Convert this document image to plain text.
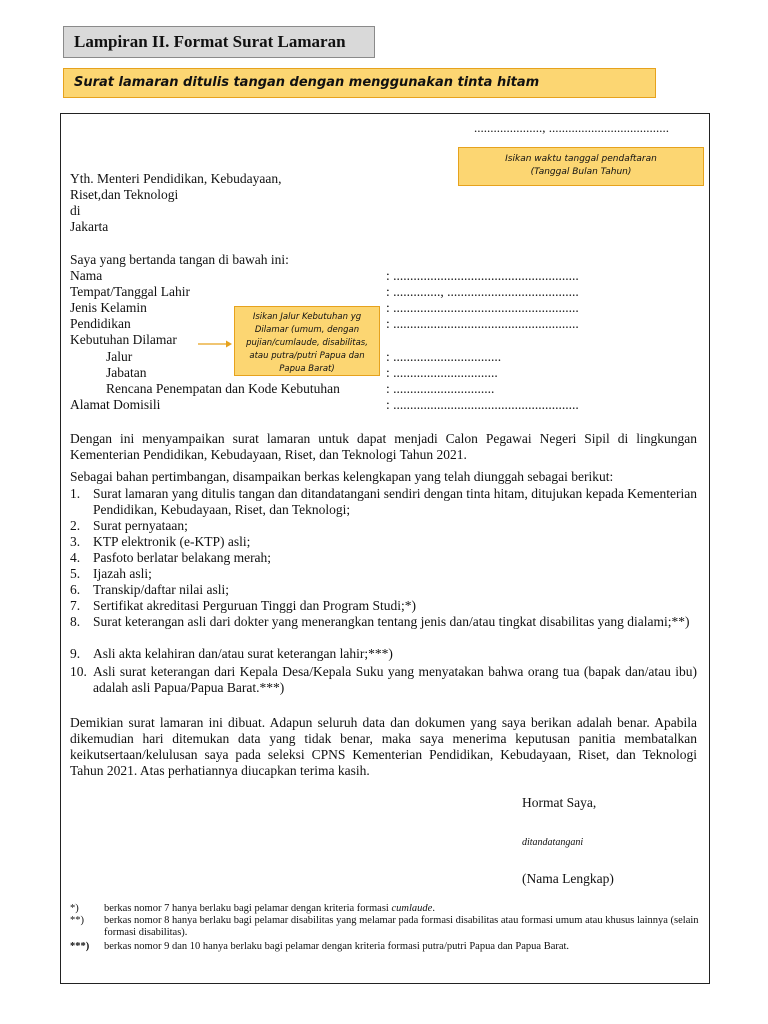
Lampiran II. Format Surat Lamaran
Surat lamaran ditulis tangan dengan menggunakan tinta hitam
....................., .....................................
Isikan waktu tanggal pendaftaran
(Tanggal Bulan Tahun)
Yth. Menteri Pendidikan, Kebudayaan,
Riset,dan Teknologi
di
Jakarta
Saya yang bertanda tangan di bawah ini:
Nama	: .......................................................
Tempat/Tanggal Lahir	: .............., .......................................
Jenis Kelamin	: .......................................................
Pendidikan	: .......................................................
Kebutuhan Dilamar
Jalur	: ................................
Jabatan	: ...............................
Rencana Penempatan dan Kode Kebutuhan	: ..............................
Alamat Domisili	: .......................................................
Isikan Jalur Kebutuhan yg
Dilamar (umum, dengan
pujian/cumlaude, disabilitas,
atau putra/putri Papua dan
Papua Barat)
Dengan ini menyampaikan surat lamaran untuk dapat menjadi Calon Pegawai Negeri Sipil di lingkungan Kementerian Pendidikan, Kebudayaan, Riset, dan Teknologi Tahun 2021.
Sebagai bahan pertimbangan, disampaikan berkas kelengkapan yang telah diunggah sebagai berikut:
1. Surat lamaran yang ditulis tangan dan ditandatangani sendiri dengan tinta hitam, ditujukan kepada Kementerian Pendidikan, Kebudayaan, Riset, dan Teknologi;
2. Surat pernyataan;
3. KTP elektronik (e-KTP) asli;
4. Pasfoto berlatar belakang merah;
5. Ijazah asli;
6. Transkip/daftar nilai asli;
7. Sertifikat akreditasi Perguruan Tinggi dan Program Studi;*)
8. Surat keterangan asli dari dokter yang menerangkan tentang jenis dan/atau tingkat disabilitas yang dialami;**)
9. Asli akta kelahiran dan/atau surat keterangan lahir;***)
10. Asli surat keterangan dari Kepala Desa/Kepala Suku yang menyatakan bahwa orang tua (bapak dan/atau ibu) adalah asli Papua/Papua Barat.***)
Demikian surat lamaran ini dibuat. Adapun seluruh data dan dokumen yang saya berikan adalah benar. Apabila dikemudian hari ditemukan data yang tidak benar, maka saya menerima keputusan panitia membatalkan keikutsertaan/kelulusan saya pada seleksi CPNS Kementerian Pendidikan, Kebudayaan, Riset, dan Teknologi Tahun 2021. Atas perhatiannya diucapkan terima kasih.
Hormat Saya,
ditandatangani
(Nama Lengkap)
*) berkas nomor 7 hanya berlaku bagi pelamar dengan kriteria formasi cumlaude.
**) berkas nomor 8 hanya berlaku bagi pelamar disabilitas yang melamar pada formasi disabilitas atau formasi umum atau khusus lainnya (selain formasi disabilitas).
***) berkas nomor 9 dan 10 hanya berlaku bagi pelamar dengan kriteria formasi putra/putri Papua dan Papua Barat.
